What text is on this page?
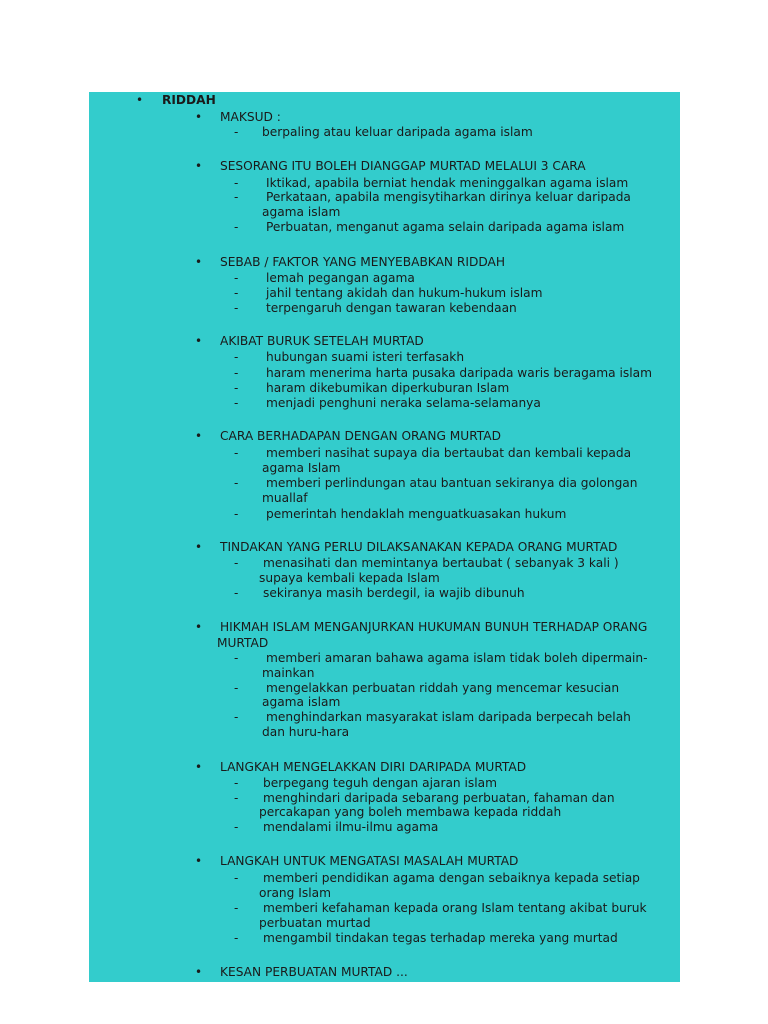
• RIDDAH
• MAKSUD :
- berpaling atau keluar daripada agama islam
• SESORANG ITU BOLEH DIANGGAP MURTAD MELALUI 3 CARA
- Iktikad, apabila berniat hendak meninggalkan agama islam
- Perkataan, apabila mengisytiharkan dirinya keluar daripada
agama islam
- Perbuatan, menganut agama selain daripada agama islam
• SEBAB / FAKTOR YANG MENYEBABKAN RIDDAH
- lemah pegangan agama
- jahil tentang akidah dan hukum-hukum islam
- terpengaruh dengan tawaran kebendaan
• AKIBAT BURUK SETELAH MURTAD
- hubungan suami isteri terfasakh
- haram menerima harta pusaka daripada waris beragama islam
- haram dikebumikan diperkuburan Islam
- menjadi penghuni neraka selama-selamanya
• CARA BERHADAPAN DENGAN ORANG MURTAD
- memberi nasihat supaya dia bertaubat dan kembali kepada
agama Islam
- memberi perlindungan atau bantuan sekiranya dia golongan
muallaf
- pemerintah hendaklah menguatkuasakan hukum
• TINDAKAN YANG PERLU DILAKSANAKAN KEPADA ORANG MURTAD
- menasihati dan memintanya bertaubat ( sebanyak 3 kali )
supaya kembali kepada Islam
- sekiranya masih berdegil, ia wajib dibunuh
• HIKMAH ISLAM MENGANJURKAN HUKUMAN BUNUH TERHADAP ORANG
MURTAD
- memberi amaran bahawa agama islam tidak boleh dipermain-
mainkan
- mengelakkan perbuatan riddah yang mencemar kesucian
agama islam
- menghindarkan masyarakat islam daripada berpecah belah
dan huru-hara
• LANGKAH MENGELAKKAN DIRI DARIPADA MURTAD
- berpegang teguh dengan ajaran islam
- menghindari daripada sebarang perbuatan, fahaman dan
percakapan yang boleh membawa kepada riddah
- mendalami ilmu-ilmu agama
• LANGKAH UNTUK MENGATASI MASALAH MURTAD
- memberi pendidikan agama dengan sebaiknya kepada setiap
orang Islam
- memberi kefahaman kepada orang Islam tentang akibat buruk
perbuatan murtad
- mengambil tindakan tegas terhadap mereka yang murtad
• KESAN PERBUATAN MURTAD ...
